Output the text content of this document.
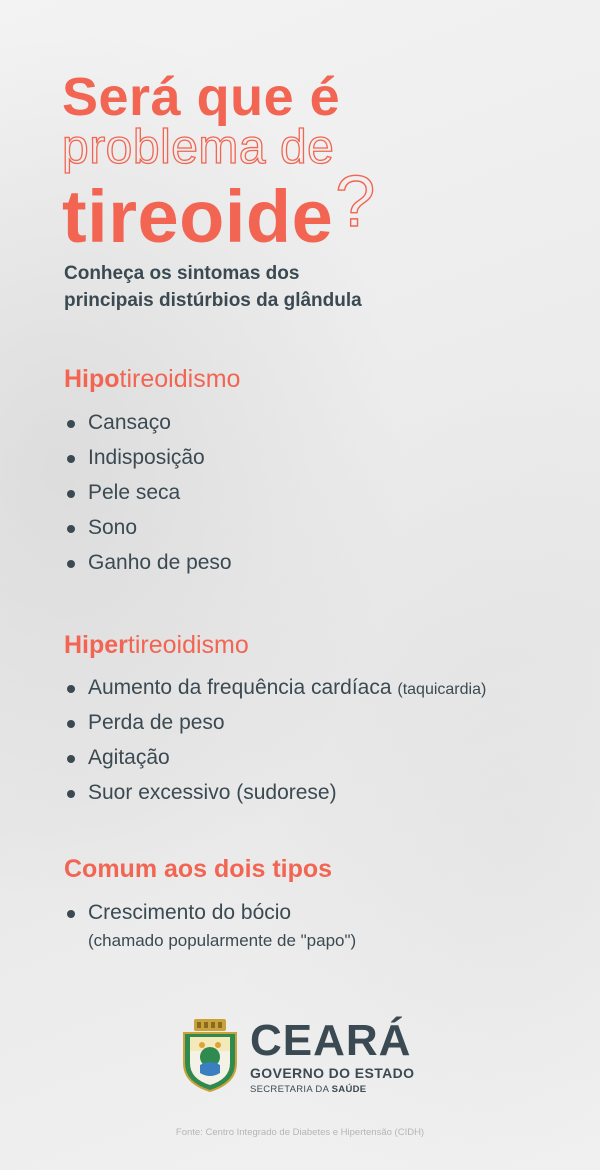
Será que é
problema de
tireoide?

Conheça os sintomas dos
principais distúrbios da glândula

Hipotireoidismo
Cansaço
Indisposição
Pele seca
Sono
Ganho de peso
Hipertireoidismo
Aumento da frequência cardíaca (taquicardia)
Perda de peso
Agitação
Suor excessivo (sudorese)
Comum aos dois tipos
Crescimento do bócio
(chamado popularmente de "papo")
CEARÁ
GOVERNO DO ESTADO
SECRETARIA DA SAÚDE
Fonte: Centro Integrado de Diabetes e Hipertensão (CIDH)
